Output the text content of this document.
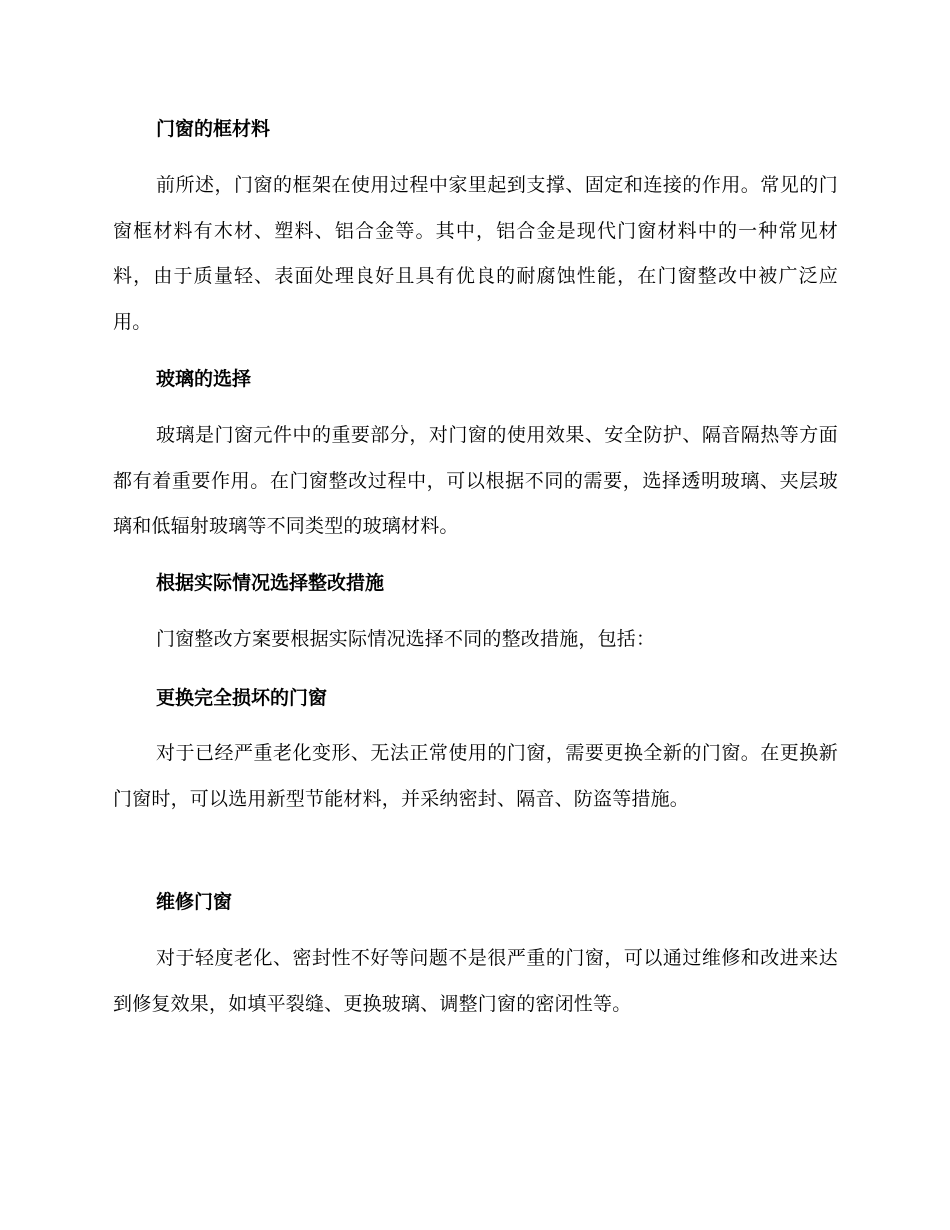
门窗的框材料

前所述，门窗的框架在使用过程中家里起到支撑、固定和连接的作用。常见的门窗框材料有木材、塑料、铝合金等。其中，铝合金是现代门窗材料中的一种常见材料，由于质量轻、表面处理良好且具有优良的耐腐蚀性能，在门窗整改中被广泛应用。

玻璃的选择

玻璃是门窗元件中的重要部分，对门窗的使用效果、安全防护、隔音隔热等方面都有着重要作用。在门窗整改过程中，可以根据不同的需要，选择透明玻璃、夹层玻璃和低辐射玻璃等不同类型的玻璃材料。

根据实际情况选择整改措施

门窗整改方案要根据实际情况选择不同的整改措施，包括：

更换完全损坏的门窗

对于已经严重老化变形、无法正常使用的门窗，需要更换全新的门窗。在更换新门窗时，可以选用新型节能材料，并采纳密封、隔音、防盗等措施。

维修门窗

对于轻度老化、密封性不好等问题不是很严重的门窗，可以通过维修和改进来达到修复效果，如填平裂缝、更换玻璃、调整门窗的密闭性等。
